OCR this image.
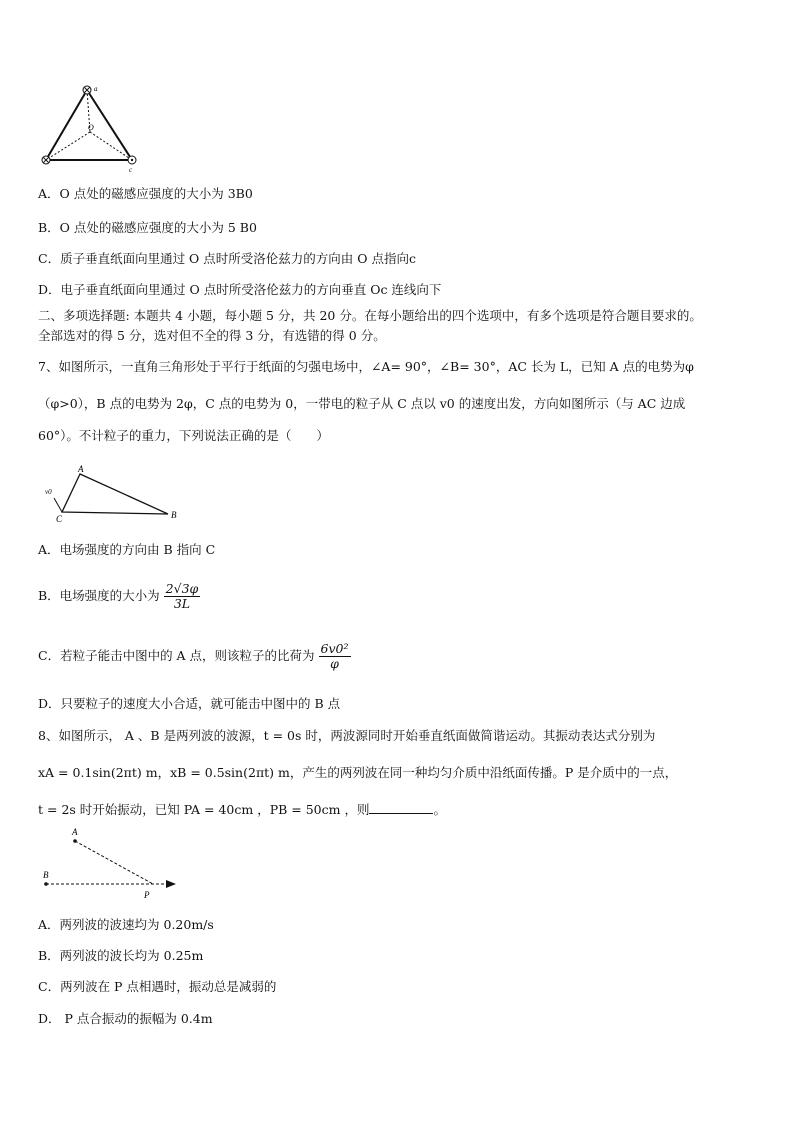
a
O
c
A．O 点处的磁感应强度的大小为 3B0
B．O 点处的磁感应强度的大小为 5 B0
C．质子垂直纸面向里通过 O 点时所受洛伦兹力的方向由 O 点指向c
D．电子垂直纸面向里通过 O 点时所受洛伦兹力的方向垂直 Oc 连线向下
二、多项选择题: 本题共 4 小题，每小题 5 分，共 20 分。在每小题给出的四个选项中，有多个选项是符合题目要求的。
全部选对的得 5 分，选对但不全的得 3 分，有选错的得 0 分。
7、如图所示，一直角三角形处于平行于纸面的匀强电场中，∠A= 90°，∠B= 30°，AC 长为 L，已知 A 点的电势为φ
（φ>0），B 点的电势为 2φ，C 点的电势为 0，一带电的粒子从 C 点以 v0 的速度出发，方向如图所示（与 AC 边成
60°）。不计粒子的重力，下列说法正确的是（　　）
A
B
C
v0
A．电场强度的方向由 B 指向 C
B．电场强度的大小为 $\frac{2√3\varphi}{3L}$
C．若粒子能击中图中的 A 点，则该粒子的比荷为 $\frac{\text{6v0²}}{\varphi}$
D．只要粒子的速度大小合适，就可能击中图中的 B 点
8、如图所示， A 、B 是两列波的波源，t = 0s 时，两波源同时开始垂直纸面做简谐运动。其振动表达式分别为
xA = 0.1sin(2πt) m，xB = 0.5sin(2πt) m，产生的两列波在同一种均匀介质中沿纸面传播。P 是介质中的一点，
t = 2s 时开始振动，已知 PA = 40cm ，PB = 50cm ，则	。
A
B
P
A．两列波的波速均为 0.20m/s
B．两列波的波长均为 0.25m
C．两列波在 P 点相遇时，振动总是减弱的
D． P 点合振动的振幅为 0.4m
